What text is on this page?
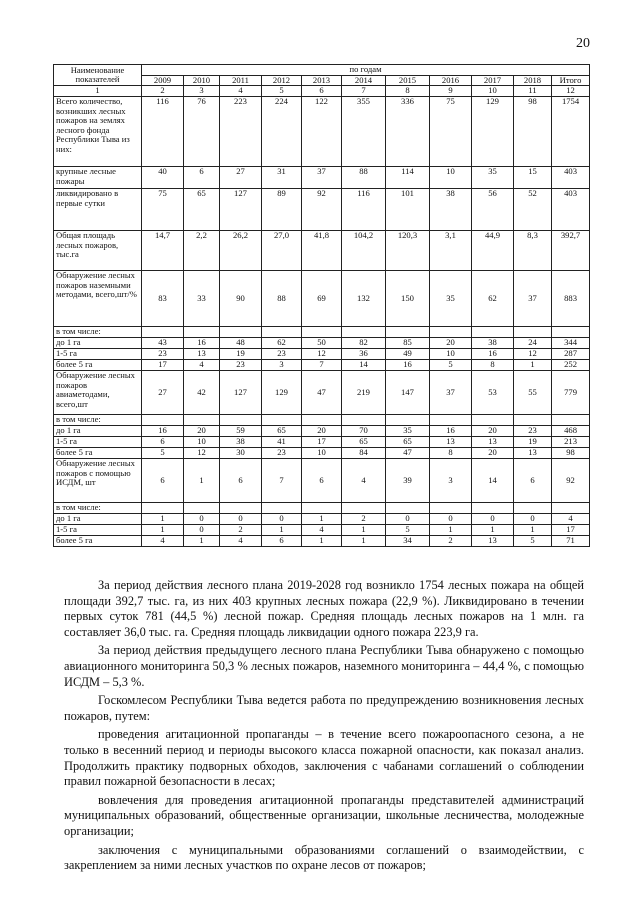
20
Наименование показателей	по годам										
	2009	2010	2011	2012	2013	2014	2015	2016	2017	2018	Итого
1	2	3	4	5	6	7	8	9	10	11	12
Всего количество, возникших лесных пожаров на землях лесного фонда Республики Тыва из них:	116	76	223	224	122	355	336	75	129	98	1754
крупные лесные пожары	40	6	27	31	37	88	114	10	35	15	403
ликвидировано в первые сутки	75	65	127	89	92	116	101	38	56	52	403
Общая площадь лесных пожаров, тыс.га	14,7	2,2	26,2	27,0	41,8	104,2	120,3	3,1	44,9	8,3	392,7
Обнаружение лесных пожаров наземными методами, всего,шт/%	83	33	90	88	69	132	150	35	62	37	883
в том числе:											
до 1 га	43	16	48	62	50	82	85	20	38	24	344
1-5 га	23	13	19	23	12	36	49	10	16	12	287
более 5 га	17	4	23	3	7	14	16	5	8	1	252
Обнаружение лесных пожаров авиаметодами, всего,шт	27	42	127	129	47	219	147	37	53	55	779
в том числе:											
до 1 га	16	20	59	65	20	70	35	16	20	23	468
1-5 га	6	10	38	41	17	65	65	13	13	19	213
более 5 га	5	12	30	23	10	84	47	8	20	13	98
Обнаружение лесных пожаров с помощью ИСДМ, шт	6	1	6	7	6	4	39	3	14	6	92
в том числе:											
до 1 га	1	0	0	0	1	2	0	0	0	0	4
1-5 га	1	0	2	1	4	1	5	1	1	1	17
более 5 га	4	1	4	6	1	1	34	2	13	5	71

За период действия лесного плана 2019-2028 год возникло 1754 лесных пожара на общей площади 392,7 тыс. га, из них 403 крупных лесных пожара (22,9 %). Ликвидировано в течении первых суток 781 (44,5 %) лесной пожар. Средняя площадь лесных пожаров на 1 млн. га составляет 36,0 тыс. га. Средняя площадь ликвидации одного пожара 223,9 га.

За период действия предыдущего лесного плана Республики Тыва обнаружено с помощью авиационного мониторинга 50,3 % лесных пожаров, наземного мониторинга – 44,4 %, с помощью ИСДМ – 5,3 %.

Госкомлесом Республики Тыва ведется работа по предупреждению возникновения лесных пожаров, путем:

проведения агитационной пропаганды – в течение всего пожароопасного сезона, а не только в весенний период и периоды высокого класса пожарной опасности, как показал анализ. Продолжить практику подворных обходов, заключения с чабанами соглашений о соблюдении правил пожарной безопасности в лесах;

вовлечения для проведения агитационной пропаганды представителей администраций муниципальных образований, общественные организации, школьные лесничества, молодежные организации;

заключения с муниципальными образованиями соглашений о взаимодействии, с закреплением за ними лесных участков по охране лесов от пожаров;
